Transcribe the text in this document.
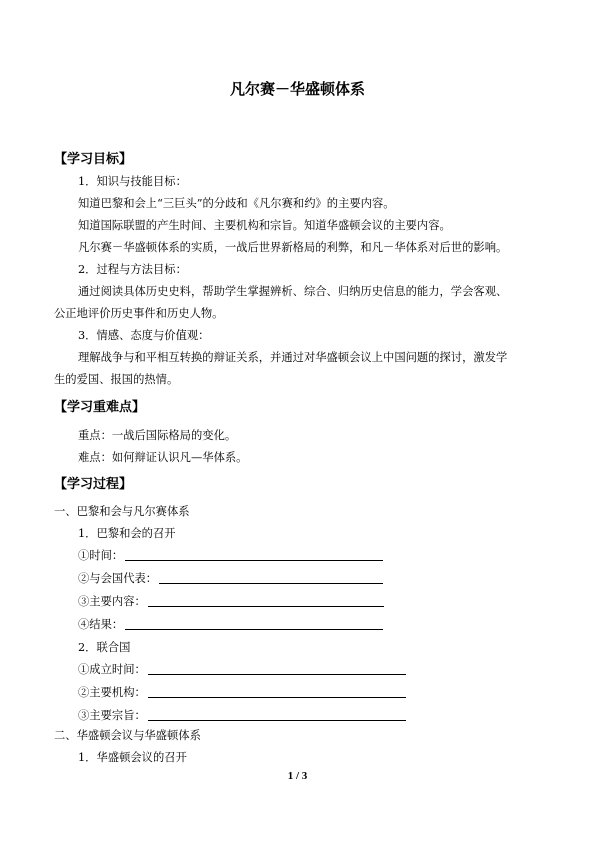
凡尔赛－华盛顿体系
【学习目标】
1．知识与技能目标：
知道巴黎和会上“三巨头”的分歧和《凡尔赛和约》的主要内容。
知道国际联盟的产生时间、主要机构和宗旨。知道华盛顿会议的主要内容。
凡尔赛－华盛顿体系的实质，一战后世界新格局的利弊，和凡－华体系对后世的影响。
2．过程与方法目标：
通过阅读具体历史史料，帮助学生掌握辨析、综合、归纳历史信息的能力，学会客观、
公正地评价历史事件和历史人物。
3．情感、态度与价值观：
理解战争与和平相互转换的辩证关系，并通过对华盛顿会议上中国问题的探讨，激发学
生的爱国、报国的热情。
【学习重难点】
重点：一战后国际格局的变化。
难点：如何辩证认识凡—华体系。
【学习过程】
一、巴黎和会与凡尔赛体系
1．巴黎和会的召开
①时间：
②与会国代表：
③主要内容：
④结果：
2．联合国
①成立时间：
②主要机构：
③主要宗旨：
二、华盛顿会议与华盛顿体系
1．华盛顿会议的召开
1 / 3
